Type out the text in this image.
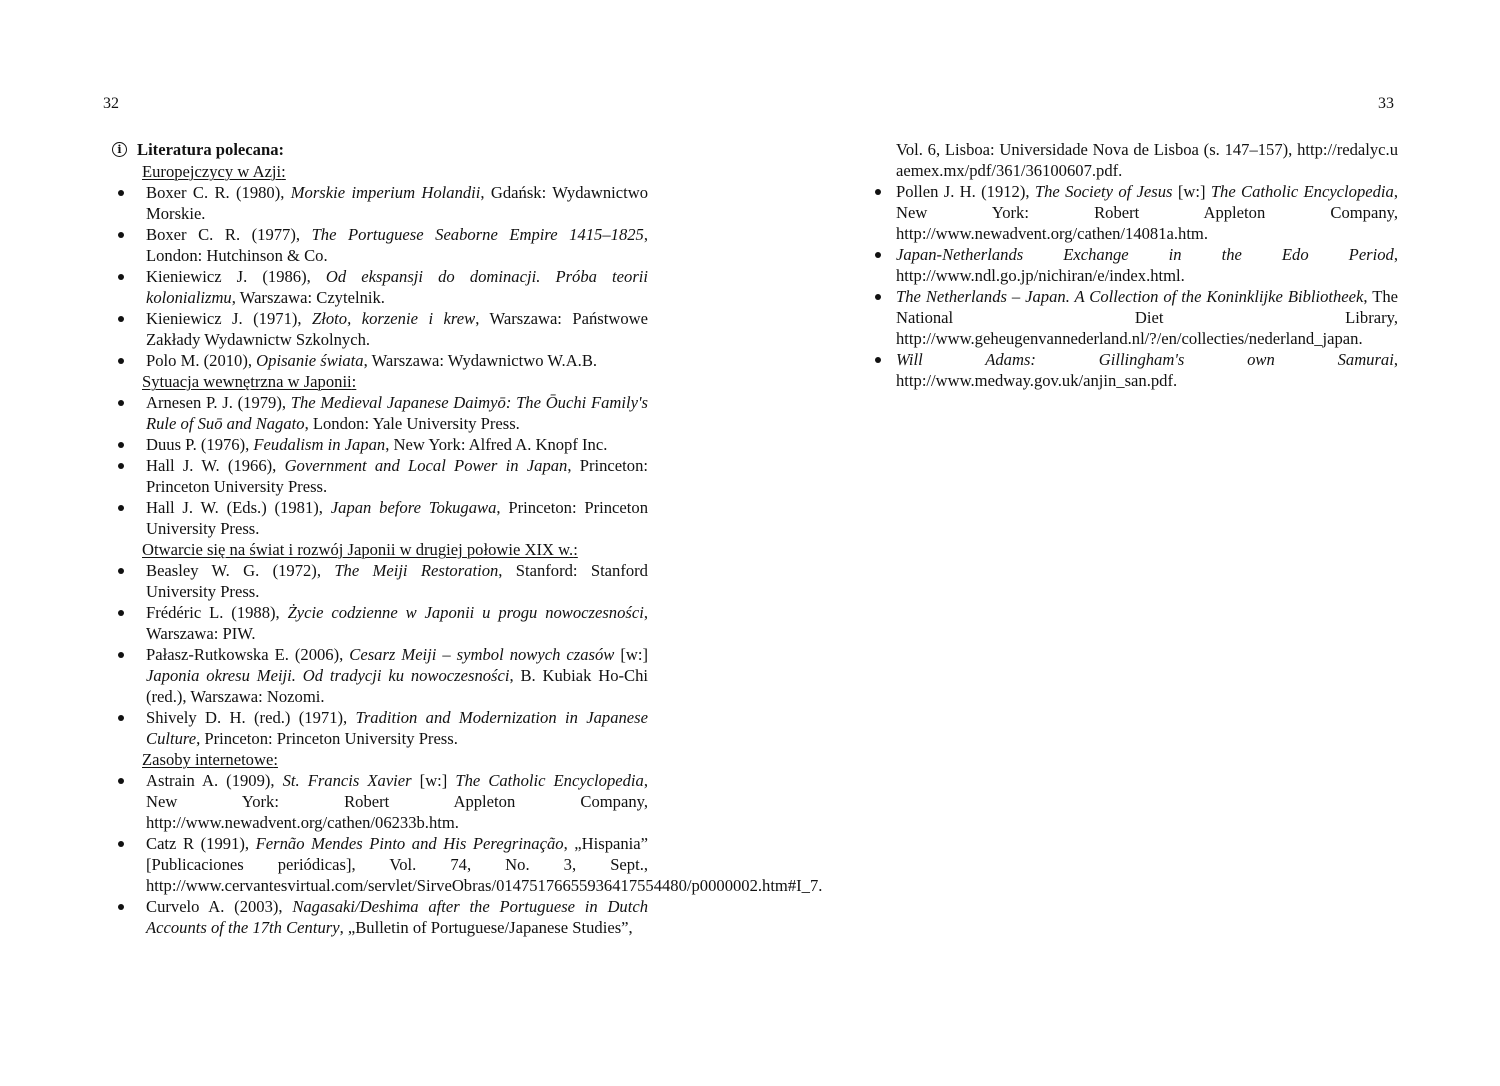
32	33
i Literatura polecana:
Europejczycy w Azji:
Boxer C. R. (1980), Morskie imperium Holandii, Gdańsk: Wydawnictwo Morskie.
Boxer C. R. (1977), The Portuguese Seaborne Empire 1415–1825, London: Hutchinson & Co.
Kieniewicz J. (1986), Od ekspansji do dominacji. Próba teorii kolonializmu, Warszawa: Czytelnik.
Kieniewicz J. (1971), Złoto, korzenie i krew, Warszawa: Państwowe Zakłady Wydawnictw Szkolnych.
Polo M. (2010), Opisanie świata, Warszawa: Wydawnictwo W.A.B.
Sytuacja wewnętrzna w Japonii:
Arnesen P. J. (1979), The Medieval Japanese Daimyō: The Ōuchi Family's Rule of Suō and Nagato, London: Yale University Press.
Duus P. (1976), Feudalism in Japan, New York: Alfred A. Knopf Inc.
Hall J. W. (1966), Government and Local Power in Japan, Princeton: Princeton University Press.
Hall J. W. (Eds.) (1981), Japan before Tokugawa, Princeton: Princeton University Press.
Otwarcie się na świat i rozwój Japonii w drugiej połowie XIX w.:
Beasley W. G. (1972), The Meiji Restoration, Stanford: Stanford University Press.
Frédéric L. (1988), Życie codzienne w Japonii u progu nowoczesności, Warszawa: PIW.
Pałasz-Rutkowska E. (2006), Cesarz Meiji – symbol nowych czasów [w:] Japonia okresu Meiji. Od tradycji ku nowoczesności, B. Kubiak Ho-Chi (red.), Warszawa: Nozomi.
Shively D. H. (red.) (1971), Tradition and Modernization in Japanese Culture, Princeton: Princeton University Press.
Zasoby internetowe:
Astrain A. (1909), St. Francis Xavier [w:] The Catholic Encyclopedia, New York: Robert Appleton Company, http://www.newadvent.org/cathen/06233b.htm.
Catz R (1991), Fernão Mendes Pinto and His Peregrinação, „Hispania” [Publicaciones periódicas], Vol. 74, No. 3, Sept., http://www.cervantesvirtual.com/servlet/SirveObras/01475176655936417554480/p0000002.htm#I_7.
Curvelo A. (2003), Nagasaki/Deshima after the Portuguese in Dutch Accounts of the 17th Century, „Bulletin of Portuguese/Japanese Studies”,
Vol. 6, Lisboa: Universidade Nova de Lisboa (s. 147–157), http://redalyc.uaemex.mx/pdf/361/36100607.pdf.
Pollen J. H. (1912), The Society of Jesus [w:] The Catholic Encyclopedia, New York: Robert Appleton Company, http://www.newadvent.org/cathen/14081a.htm.
Japan-Netherlands Exchange in the Edo Period, http://www.ndl.go.jp/nichiran/e/index.html.
The Netherlands – Japan. A Collection of the Koninklijke Bibliotheek, The National Diet Library, http://www.geheugenvannederland.nl/?/en/collecties/nederland_japan.
Will Adams: Gillingham's own Samurai, http://www.medway.gov.uk/anjin_san.pdf.
